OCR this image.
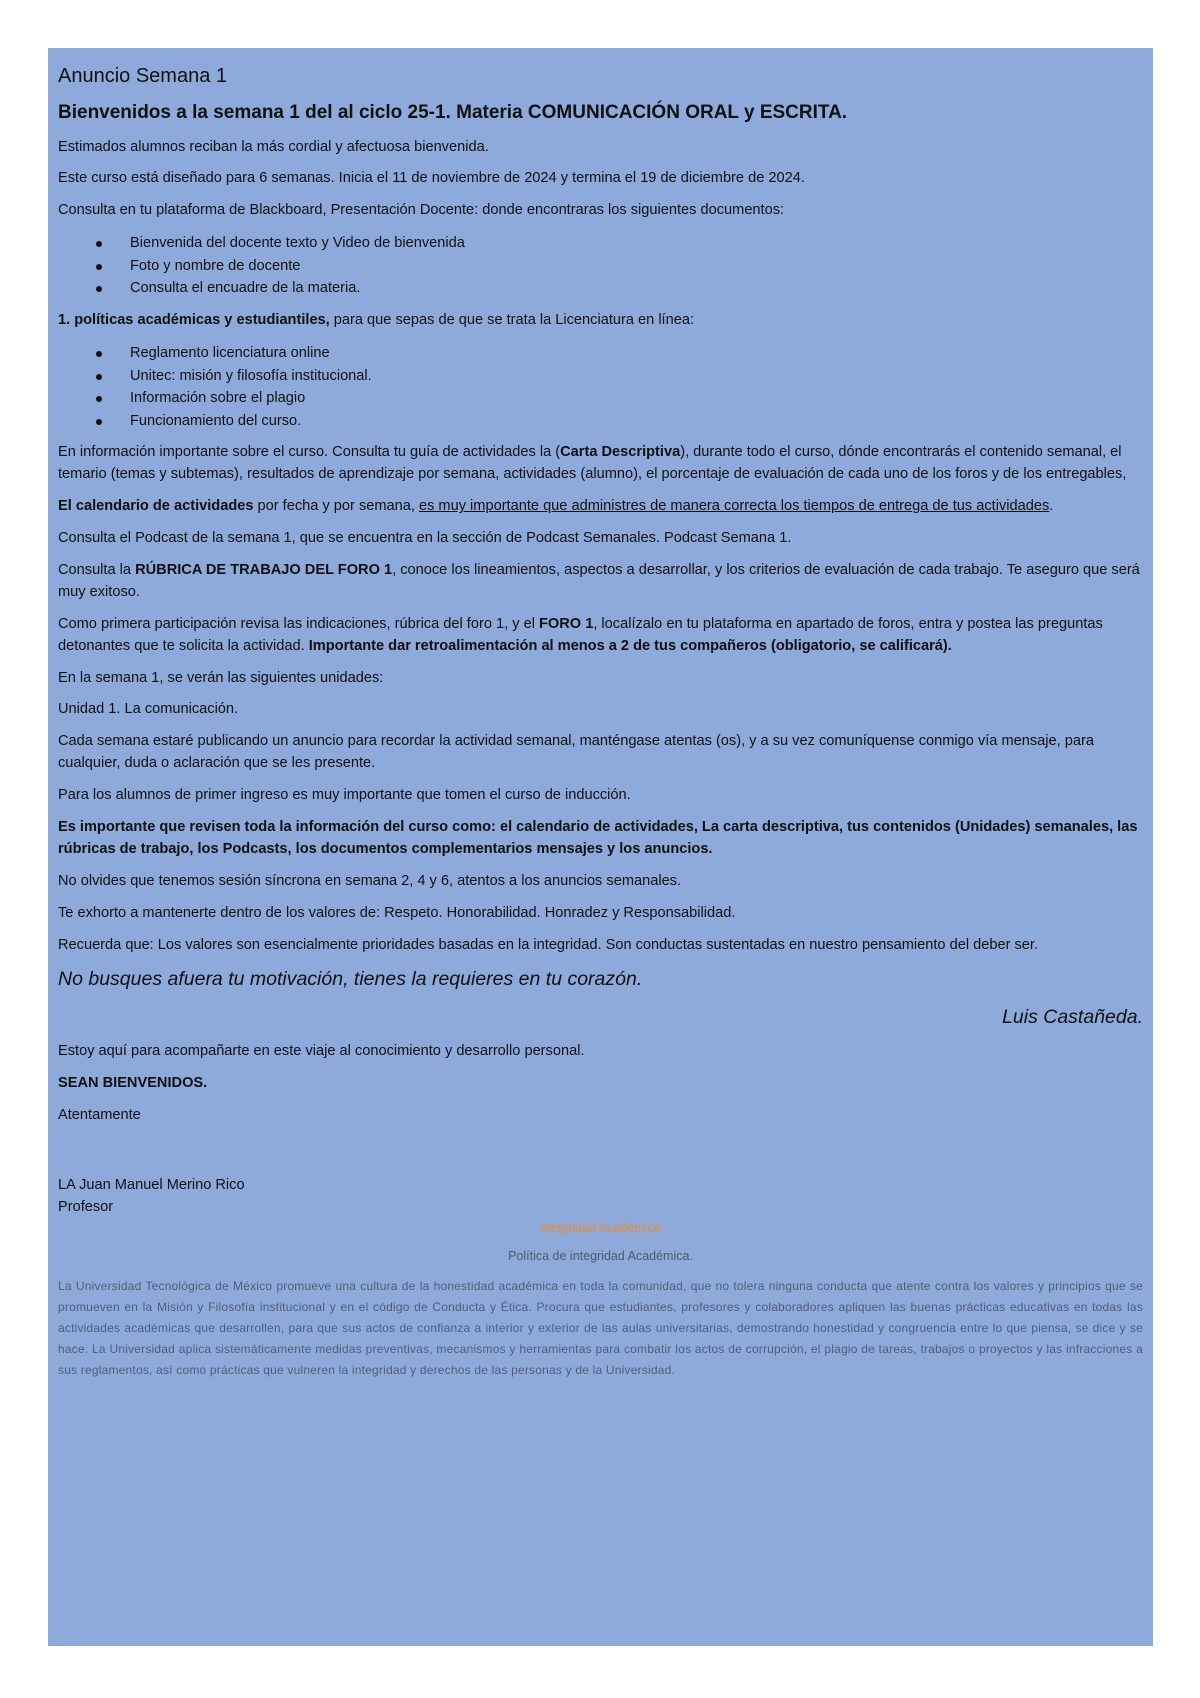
Anuncio Semana 1

Bienvenidos a la semana 1 del al ciclo 25-1. Materia COMUNICACIÓN ORAL y ESCRITA.

Estimados alumnos reciban la más cordial y afectuosa bienvenida.

Este curso está diseñado para 6 semanas. Inicia el 11 de noviembre de 2024 y termina el 19 de diciembre de 2024.

Consulta en tu plataforma de Blackboard, Presentación Docente: donde encontraras los siguientes documentos:

Bienvenida del docente texto y Video de bienvenida
Foto y nombre de docente
Consulta el encuadre de la materia.

1. políticas académicas y estudiantiles, para que sepas de que se trata la Licenciatura en línea:

Reglamento licenciatura online
Unitec: misión y filosofía institucional.
Información sobre el plagio
Funcionamiento del curso.

En información importante sobre el curso. Consulta tu guía de actividades la (Carta Descriptiva), durante todo el curso, dónde encontrarás el contenido semanal, el temario (temas y subtemas), resultados de aprendizaje por semana, actividades (alumno), el porcentaje de evaluación de cada uno de los foros y de los entregables,

El calendario de actividades por fecha y por semana, es muy importante que administres de manera correcta los tiempos de entrega de tus actividades.

Consulta el Podcast de la semana 1, que se encuentra en la sección de Podcast Semanales. Podcast Semana 1.

Consulta la RÚBRICA DE TRABAJO DEL FORO 1, conoce los lineamientos, aspectos a desarrollar, y los criterios de evaluación de cada trabajo. Te aseguro que será muy exitoso.

Como primera participación revisa las indicaciones, rúbrica del foro 1, y el FORO 1, localízalo en tu plataforma en apartado de foros, entra y postea las preguntas detonantes que te solicita la actividad. Importante dar retroalimentación al menos a 2 de tus compañeros (obligatorio, se calificará).

En la semana 1, se verán las siguientes unidades:

Unidad 1. La comunicación.

Cada semana estaré publicando un anuncio para recordar la actividad semanal, manténgase atentas (os), y a su vez comuníquense conmigo vía mensaje, para cualquier, duda o aclaración que se les presente.

Para los alumnos de primer ingreso es muy importante que tomen el curso de inducción.

Es importante que revisen toda la información del curso como: el calendario de actividades, La carta descriptiva, tus contenidos (Unidades) semanales, las rúbricas de trabajo, los Podcasts, los documentos complementarios mensajes y los anuncios.

No olvides que tenemos sesión síncrona en semana 2, 4 y 6, atentos a los anuncios semanales.

Te exhorto a mantenerte dentro de los valores de: Respeto. Honorabilidad. Honradez y Responsabilidad.

Recuerda que: Los valores son esencialmente prioridades basadas en la integridad. Son conductas sustentadas en nuestro pensamiento del deber ser.

No busques afuera tu motivación, tienes la requieres en tu corazón.

Luis Castañeda.

Estoy aquí para acompañarte en este viaje al conocimiento y desarrollo personal.

SEAN BIENVENIDOS.

Atentamente

LA Juan Manuel Merino Rico

Profesor

Integridad Académica

Política de integridad Académica.

La Universidad Tecnológica de México promueve una cultura de la honestidad académica en toda la comunidad, que no tolera ninguna conducta que atente contra los valores y principios que se promueven en la Misión y Filosofía institucional y en el código de Conducta y Ética. Procura que estudiantes, profesores y colaboradores apliquen las buenas prácticas educativas en todas las actividades académicas que desarrollen, para que sus actos de confianza a interior y exterior de las aulas universitarias, demostrando honestidad y congruencia entre lo que piensa, se dice y se hace. La Universidad aplica sistemáticamente medidas preventivas, mecanismos y herramientas para combatir los actos de corrupción, el plagio de tareas, trabajos o proyectos y las infracciones a sus reglamentos, así como prácticas que vulneren la integridad y derechos de las personas y de la Universidad.
